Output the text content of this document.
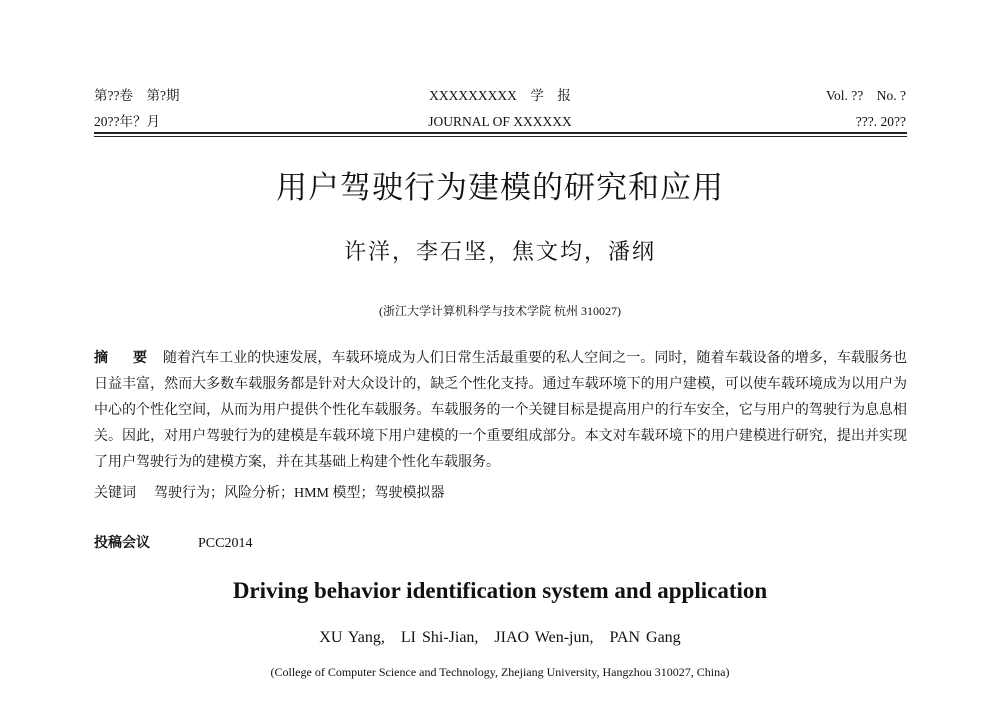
第??卷　第?期	XXXXXXXXX　学　报	Vol. ??　No. ?
20??年？月	JOURNAL OF XXXXXX	???. 20??
用户驾驶行为建模的研究和应用
许洋，李石坚，焦文均，潘纲
(浙江大学计算机科学与技术学院 杭州 310027)
摘 要 随着汽车工业的快速发展，车载环境成为人们日常生活最重要的私人空间之一。同时，随着车载设备的增多，车载服务也日益丰富，然而大多数车载服务都是针对大众设计的，缺乏个性化支持。通过车载环境下的用户建模，可以使车载环境成为以用户为中心的个性化空间，从而为用户提供个性化车载服务。车载服务的一个关键目标是提高用户的行车安全，它与用户的驾驶行为息息相关。因此，对用户驾驶行为的建模是车载环境下用户建模的一个重要组成部分。本文对车载环境下的用户建模进行研究，提出并实现了用户驾驶行为的建模方案，并在其基础上构建个性化车载服务。
关键词 驾驶行为；风险分析；HMM 模型；驾驶模拟器
投稿会议	PCC2014
Driving behavior identification system and application
XU Yang,　LI Shi-Jian,　JIAO Wen-jun,　PAN Gang
(College of Computer Science and Technology, Zhejiang University, Hangzhou 310027, China)
